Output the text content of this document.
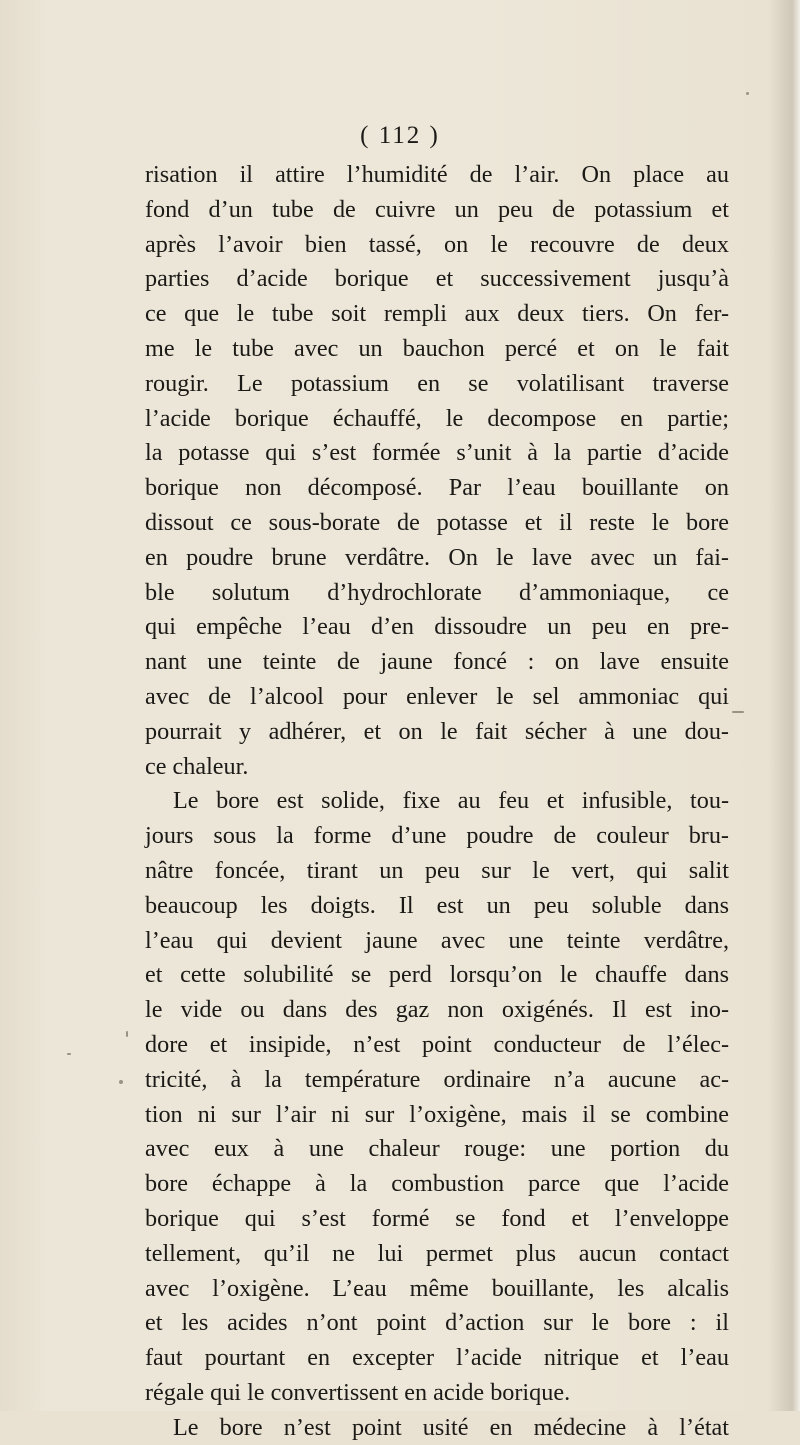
( 112 )
risation il attire l’humidité de l’air. On place au
fond d’un tube de cuivre un peu de potassium et
après l’avoir bien tassé, on le recouvre de deux
parties d’acide borique et successivement jusqu’à
ce que le tube soit rempli aux deux tiers. On fer-
me le tube avec un bauchon percé et on le fait
rougir. Le potassium en se volatilisant traverse
l’acide borique échauffé, le decompose en partie;
la potasse qui s’est formée s’unit à la partie d’acide
borique non décomposé. Par l’eau bouillante on
dissout ce sous-borate de potasse et il reste le bore
en poudre brune verdâtre. On le lave avec un fai-
ble solutum d’hydrochlorate d’ammoniaque, ce
qui empêche l’eau d’en dissoudre un peu en pre-
nant une teinte de jaune foncé : on lave ensuite
avec de l’alcool pour enlever le sel ammoniac qui
pourrait y adhérer, et on le fait sécher à une dou-
ce chaleur.
Le bore est solide, fixe au feu et infusible, tou-
jours sous la forme d’une poudre de couleur bru-
nâtre foncée, tirant un peu sur le vert, qui salit
beaucoup les doigts. Il est un peu soluble dans
l’eau qui devient jaune avec une teinte verdâtre,
et cette solubilité se perd lorsqu’on le chauffe dans
le vide ou dans des gaz non oxigénés. Il est ino-
dore et insipide, n’est point conducteur de l’élec-
tricité, à la température ordinaire n’a aucune ac-
tion ni sur l’air ni sur l’oxigène, mais il se combine
avec eux à une chaleur rouge: une portion du
bore échappe à la combustion parce que l’acide
borique qui s’est formé se fond et l’enveloppe
tellement, qu’il ne lui permet plus aucun contact
avec l’oxigène. L’eau même bouillante, les alcalis
et les acides n’ont point d’action sur le bore : il
faut pourtant en excepter l’acide nitrique et l’eau
régale qui le convertissent en acide borique.
Le bore n’est point usité en médecine à l’état
